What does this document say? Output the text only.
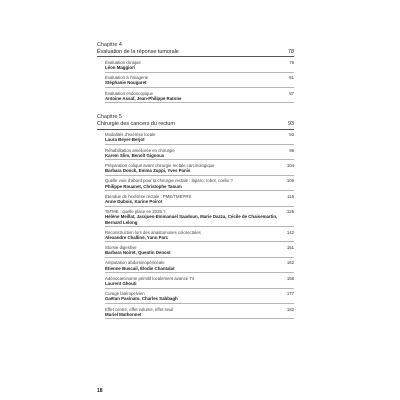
Chapitre 4
Évaluation de la réponse tumorale	78
Évaluation clinique	78
Léon Maggiori
Évaluation à l'imagerie	81
Stéphanie Nougaret
Évaluation endoscopique	87
Antoine Assaf, Jean-Philippe Ratone
Chapitre 5
Chirurgie des cancers du rectum	93
Modalités d'exérèse locale	93
Laura Beyer-Berjot
Réhabilitation améliorée en chirurgie	98
Karem Slim, Benoît Gignoux
Préparation colique avant chirurgie rectale carcinologique	104
Barbara Donck, Emma Zuppi, Yves Panis
Quelle voie d'abord pour la chirurgie rectale : laparo, robot, coelio ?	108
Philippe Rouanet, Christophe Taoum
Étendue de l'exérèse rectale : PME/TMEPRS	115
Anne Dubois, Karine Poirot
TaTME : quelle place en 2025 ?	126
Hélène Meillat, Jacques-Emmanuel Saadoun, Marie Dazza, Cécile de Chaisemartin, Bernard Lelong
Reconstruction lors des anastomoses colorectales	142
Alexandre Challine, Yann Parc
Stomie digestive	151
Barbara Noiret, Quentin Denost
Amputation abdominopérinéale	162
Étienne Buscail, Élodie Chantalat
Adénocarcinome primitif localement avancé T4	168
Laurent Ghouti
Curage latéropelvien	177
Gaëtan Pasinato, Charles Sabbagh
Effet centre, effet volume, effet seuil	182
Muriel Mathonnet
18
